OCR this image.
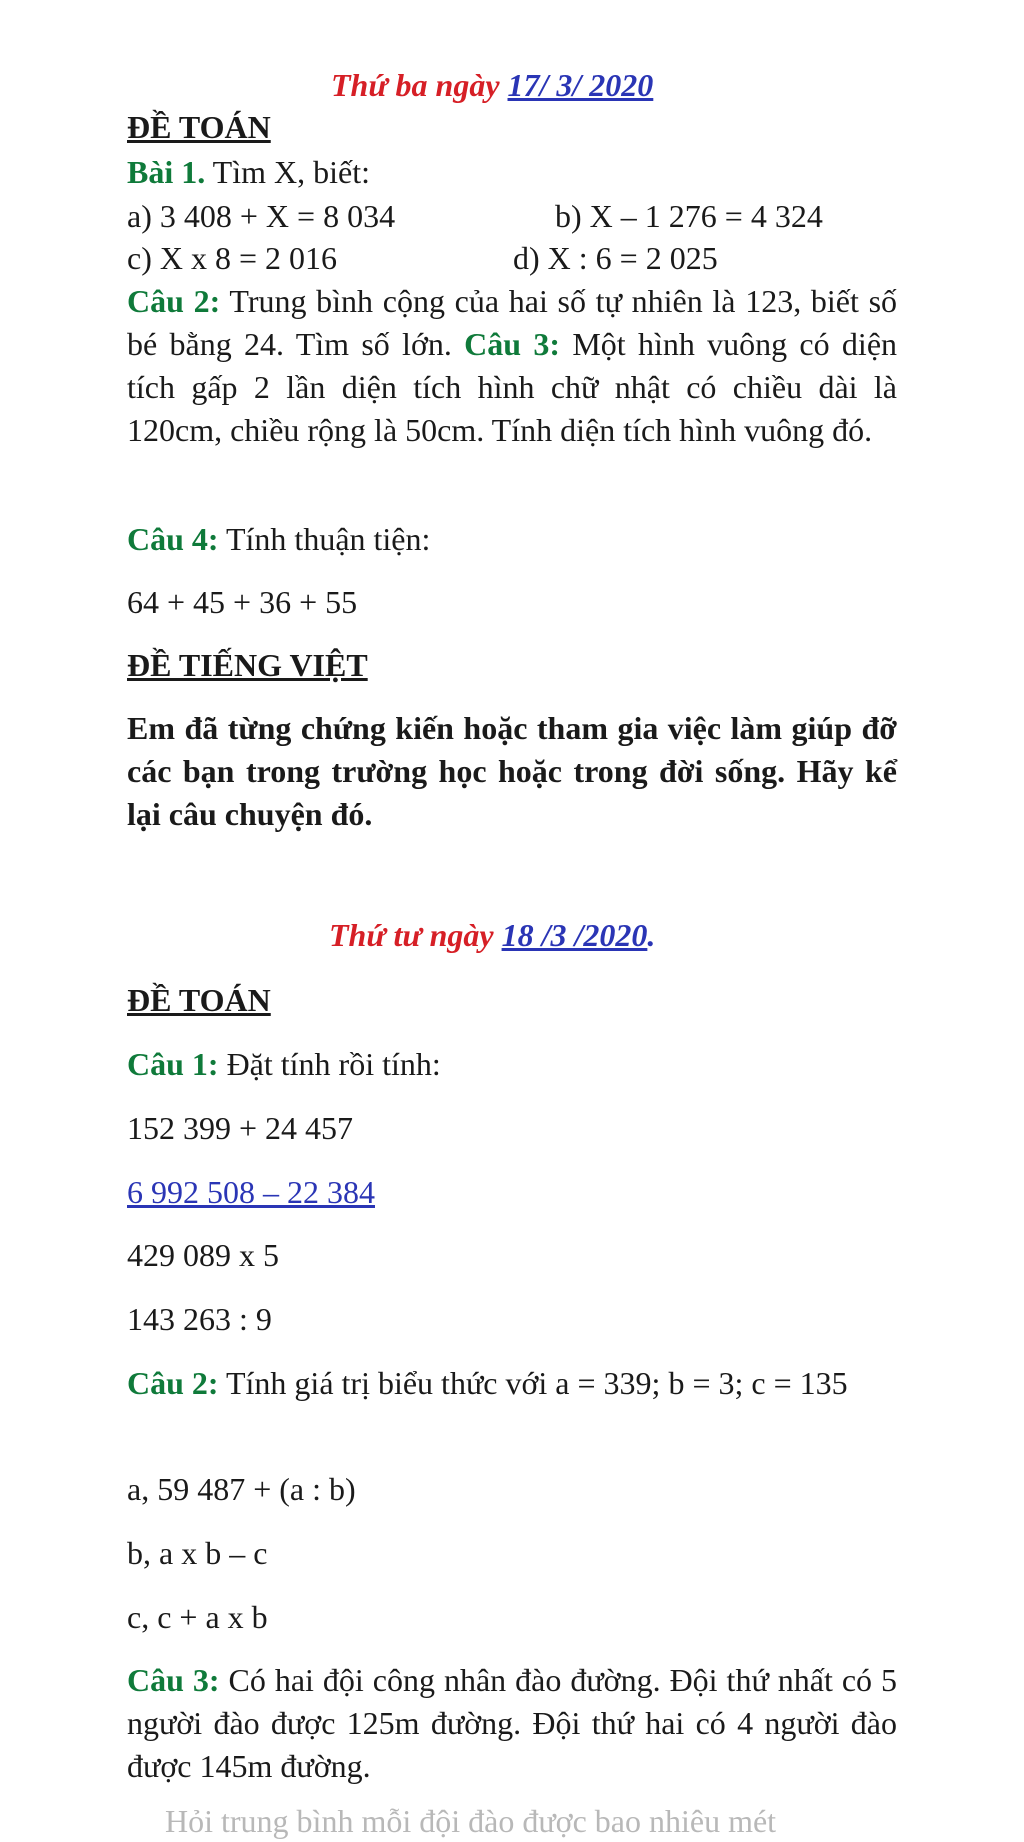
Thứ ba ngày 17/ 3/ 2020
ĐỀ TOÁN
Bài 1. Tìm X, biết:
a) 3 408 + X = 8 034	b) X – 1 276 = 4 324
c) X x 8 = 2 016	d) X : 6 = 2 025

Câu 2: Trung bình cộng của hai số tự nhiên là 123, biết số bé bằng 24. Tìm số lớn. Câu 3: Một hình vuông có diện tích gấp 2 lần diện tích hình chữ nhật có chiều dài là 120cm, chiều rộng là 50cm. Tính diện tích hình vuông đó.

Câu 4: Tính thuận tiện:
64 + 45 + 36 + 55
ĐỀ TIẾNG VIỆT

Em đã từng chứng kiến hoặc tham gia việc làm giúp đỡ các bạn trong trường học hoặc trong đời sống. Hãy kể lại câu chuyện đó.

Thứ tư ngày 18 /3 /2020.
ĐỀ TOÁN
Câu 1: Đặt tính rồi tính:
152 399 + 24 457
6 992 508 – 22 384
429 089 x 5
143 263 : 9

Câu 2: Tính giá trị biểu thức với a = 339; b = 3; c = 135

a, 59 487 + (a : b)
b, a x b – c
c, c + a x b

Câu 3: Có hai đội công nhân đào đường. Đội thứ nhất có 5 người đào được 125m đường. Đội thứ hai có 4 người đào được 145m đường.

Hỏi trung bình mỗi đội đào được bao nhiêu mét
